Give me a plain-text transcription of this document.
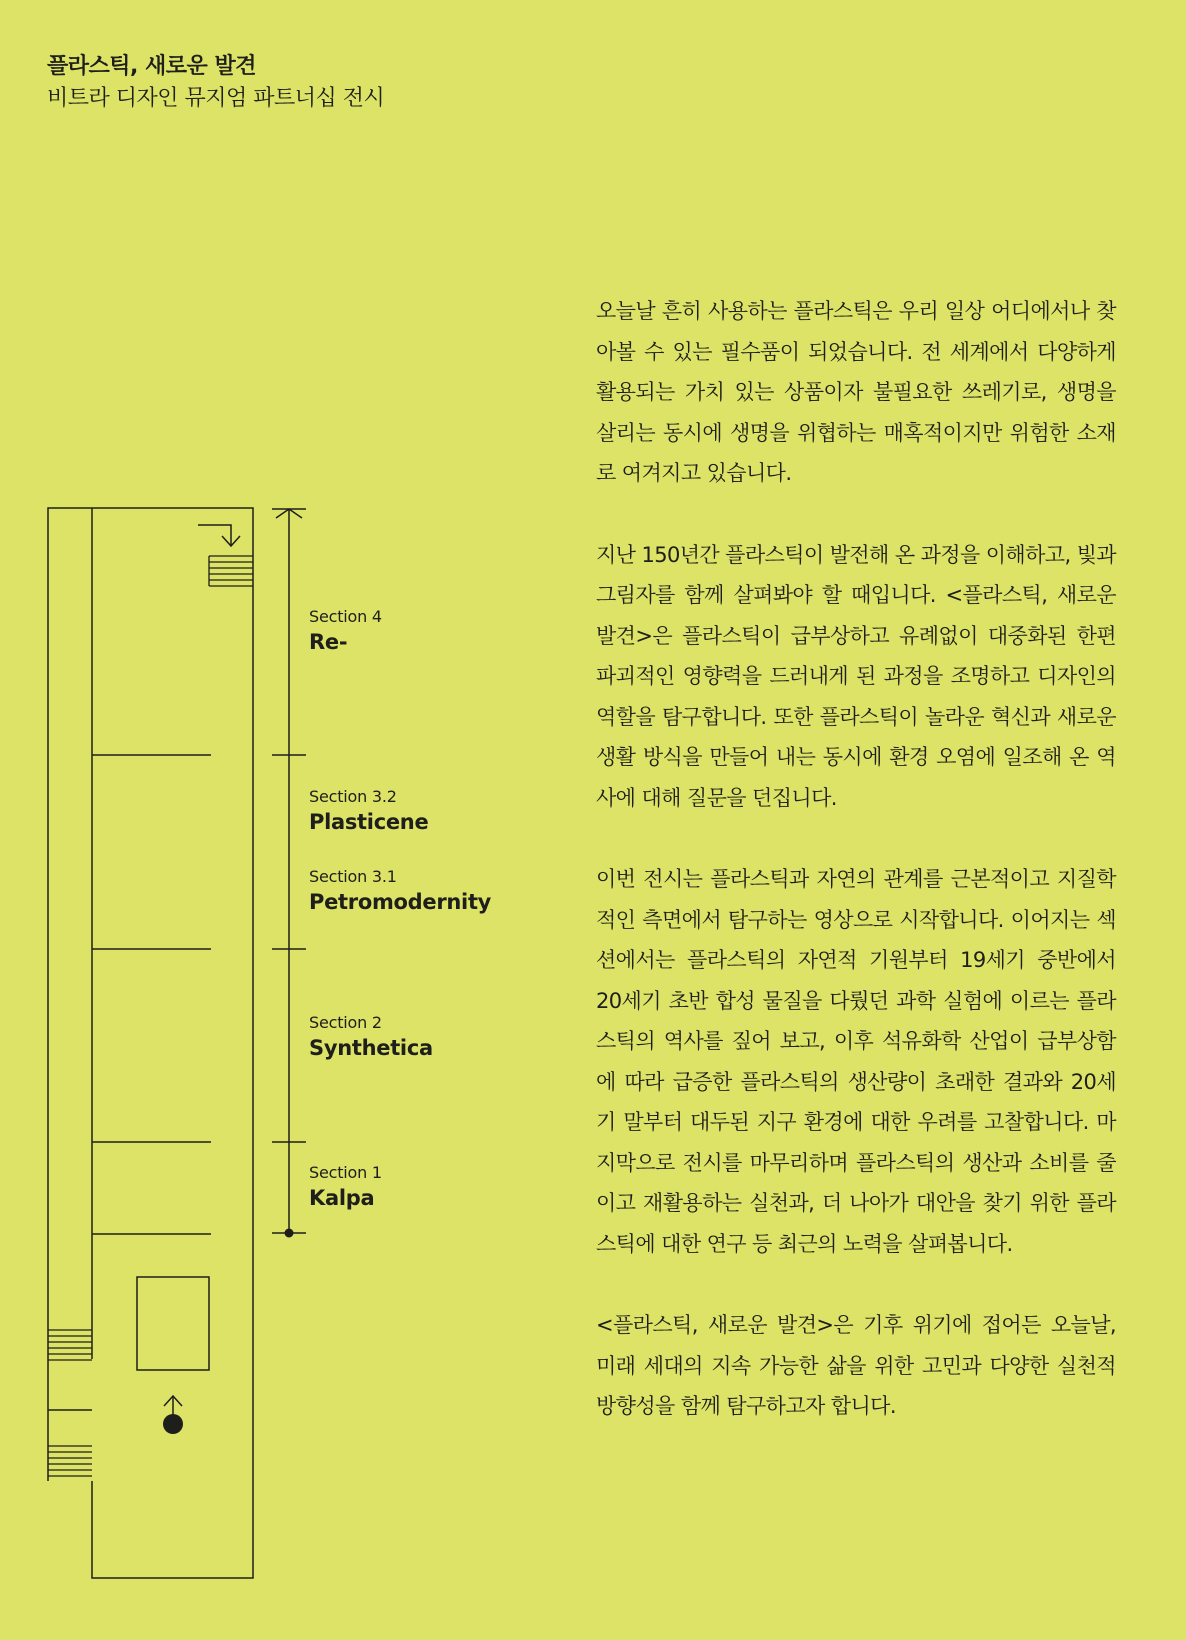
플라스틱, 새로운 발견
비트라 디자인 뮤지엄 파트너십 전시
Section 4
Re-
Section 3.2
Plasticene
Section 3.1
Petromodernity
Section 2
Synthetica
Section 1
Kalpa

오늘날 흔히 사용하는 플라스틱은 우리 일상 어디에서나 찾아볼 수 있는 필수품이 되었습니다. 전 세계에서 다양하게 활용되는 가치 있는 상품이자 불필요한 쓰레기로, 생명을 살리는 동시에 생명을 위협하는 매혹적이지만 위험한 소재로 여겨지고 있습니다.

지난 150년간 플라스틱이 발전해 온 과정을 이해하고, 빛과 그림자를 함께 살펴봐야 할 때입니다. <플라스틱, 새로운 발견>은 플라스틱이 급부상하고 유례없이 대중화된 한편 파괴적인 영향력을 드러내게 된 과정을 조명하고 디자인의 역할을 탐구합니다. 또한 플라스틱이 놀라운 혁신과 새로운 생활 방식을 만들어 내는 동시에 환경 오염에 일조해 온 역사에 대해 질문을 던집니다.

이번 전시는 플라스틱과 자연의 관계를 근본적이고 지질학적인 측면에서 탐구하는 영상으로 시작합니다. 이어지는 섹션에서는 플라스틱의 자연적 기원부터 19세기 중반에서 20세기 초반 합성 물질을 다뤘던 과학 실험에 이르는 플라스틱의 역사를 짚어 보고, 이후 석유화학 산업이 급부상함에 따라 급증한 플라스틱의 생산량이 초래한 결과와 20세기 말부터 대두된 지구 환경에 대한 우려를 고찰합니다. 마지막으로 전시를 마무리하며 플라스틱의 생산과 소비를 줄이고 재활용하는 실천과, 더 나아가 대안을 찾기 위한 플라스틱에 대한 연구 등 최근의 노력을 살펴봅니다.

<플라스틱, 새로운 발견>은 기후 위기에 접어든 오늘날, 미래 세대의 지속 가능한 삶을 위한 고민과 다양한 실천적 방향성을 함께 탐구하고자 합니다.
